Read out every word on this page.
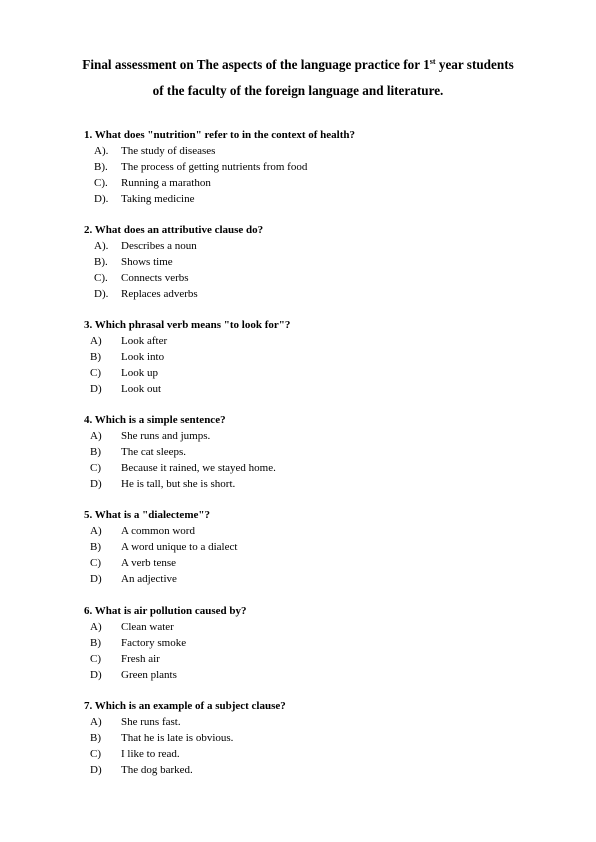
Final assessment on The aspects of the language practice for 1st year students
of the faculty of the foreign language and literature.
1. What does "nutrition" refer to in the context of health?
A). The study of diseases
B). The process of getting nutrients from food
C). Running a marathon
D). Taking medicine
2. What does an attributive clause do?
A). Describes a noun
B). Shows time
C). Connects verbs
D). Replaces adverbs
3. Which phrasal verb means "to look for"?
A) Look after
B) Look into
C) Look up
D) Look out
4. Which is a simple sentence?
A) She runs and jumps.
B) The cat sleeps.
C) Because it rained, we stayed home.
D) He is tall, but she is short.
5. What is a "dialecteme"?
A) A common word
B) A word unique to a dialect
C) A verb tense
D) An adjective
6. What is air pollution caused by?
A) Clean water
B) Factory smoke
C) Fresh air
D) Green plants
7. Which is an example of a subject clause?
A) She runs fast.
B) That he is late is obvious.
C) I like to read.
D) The dog barked.
